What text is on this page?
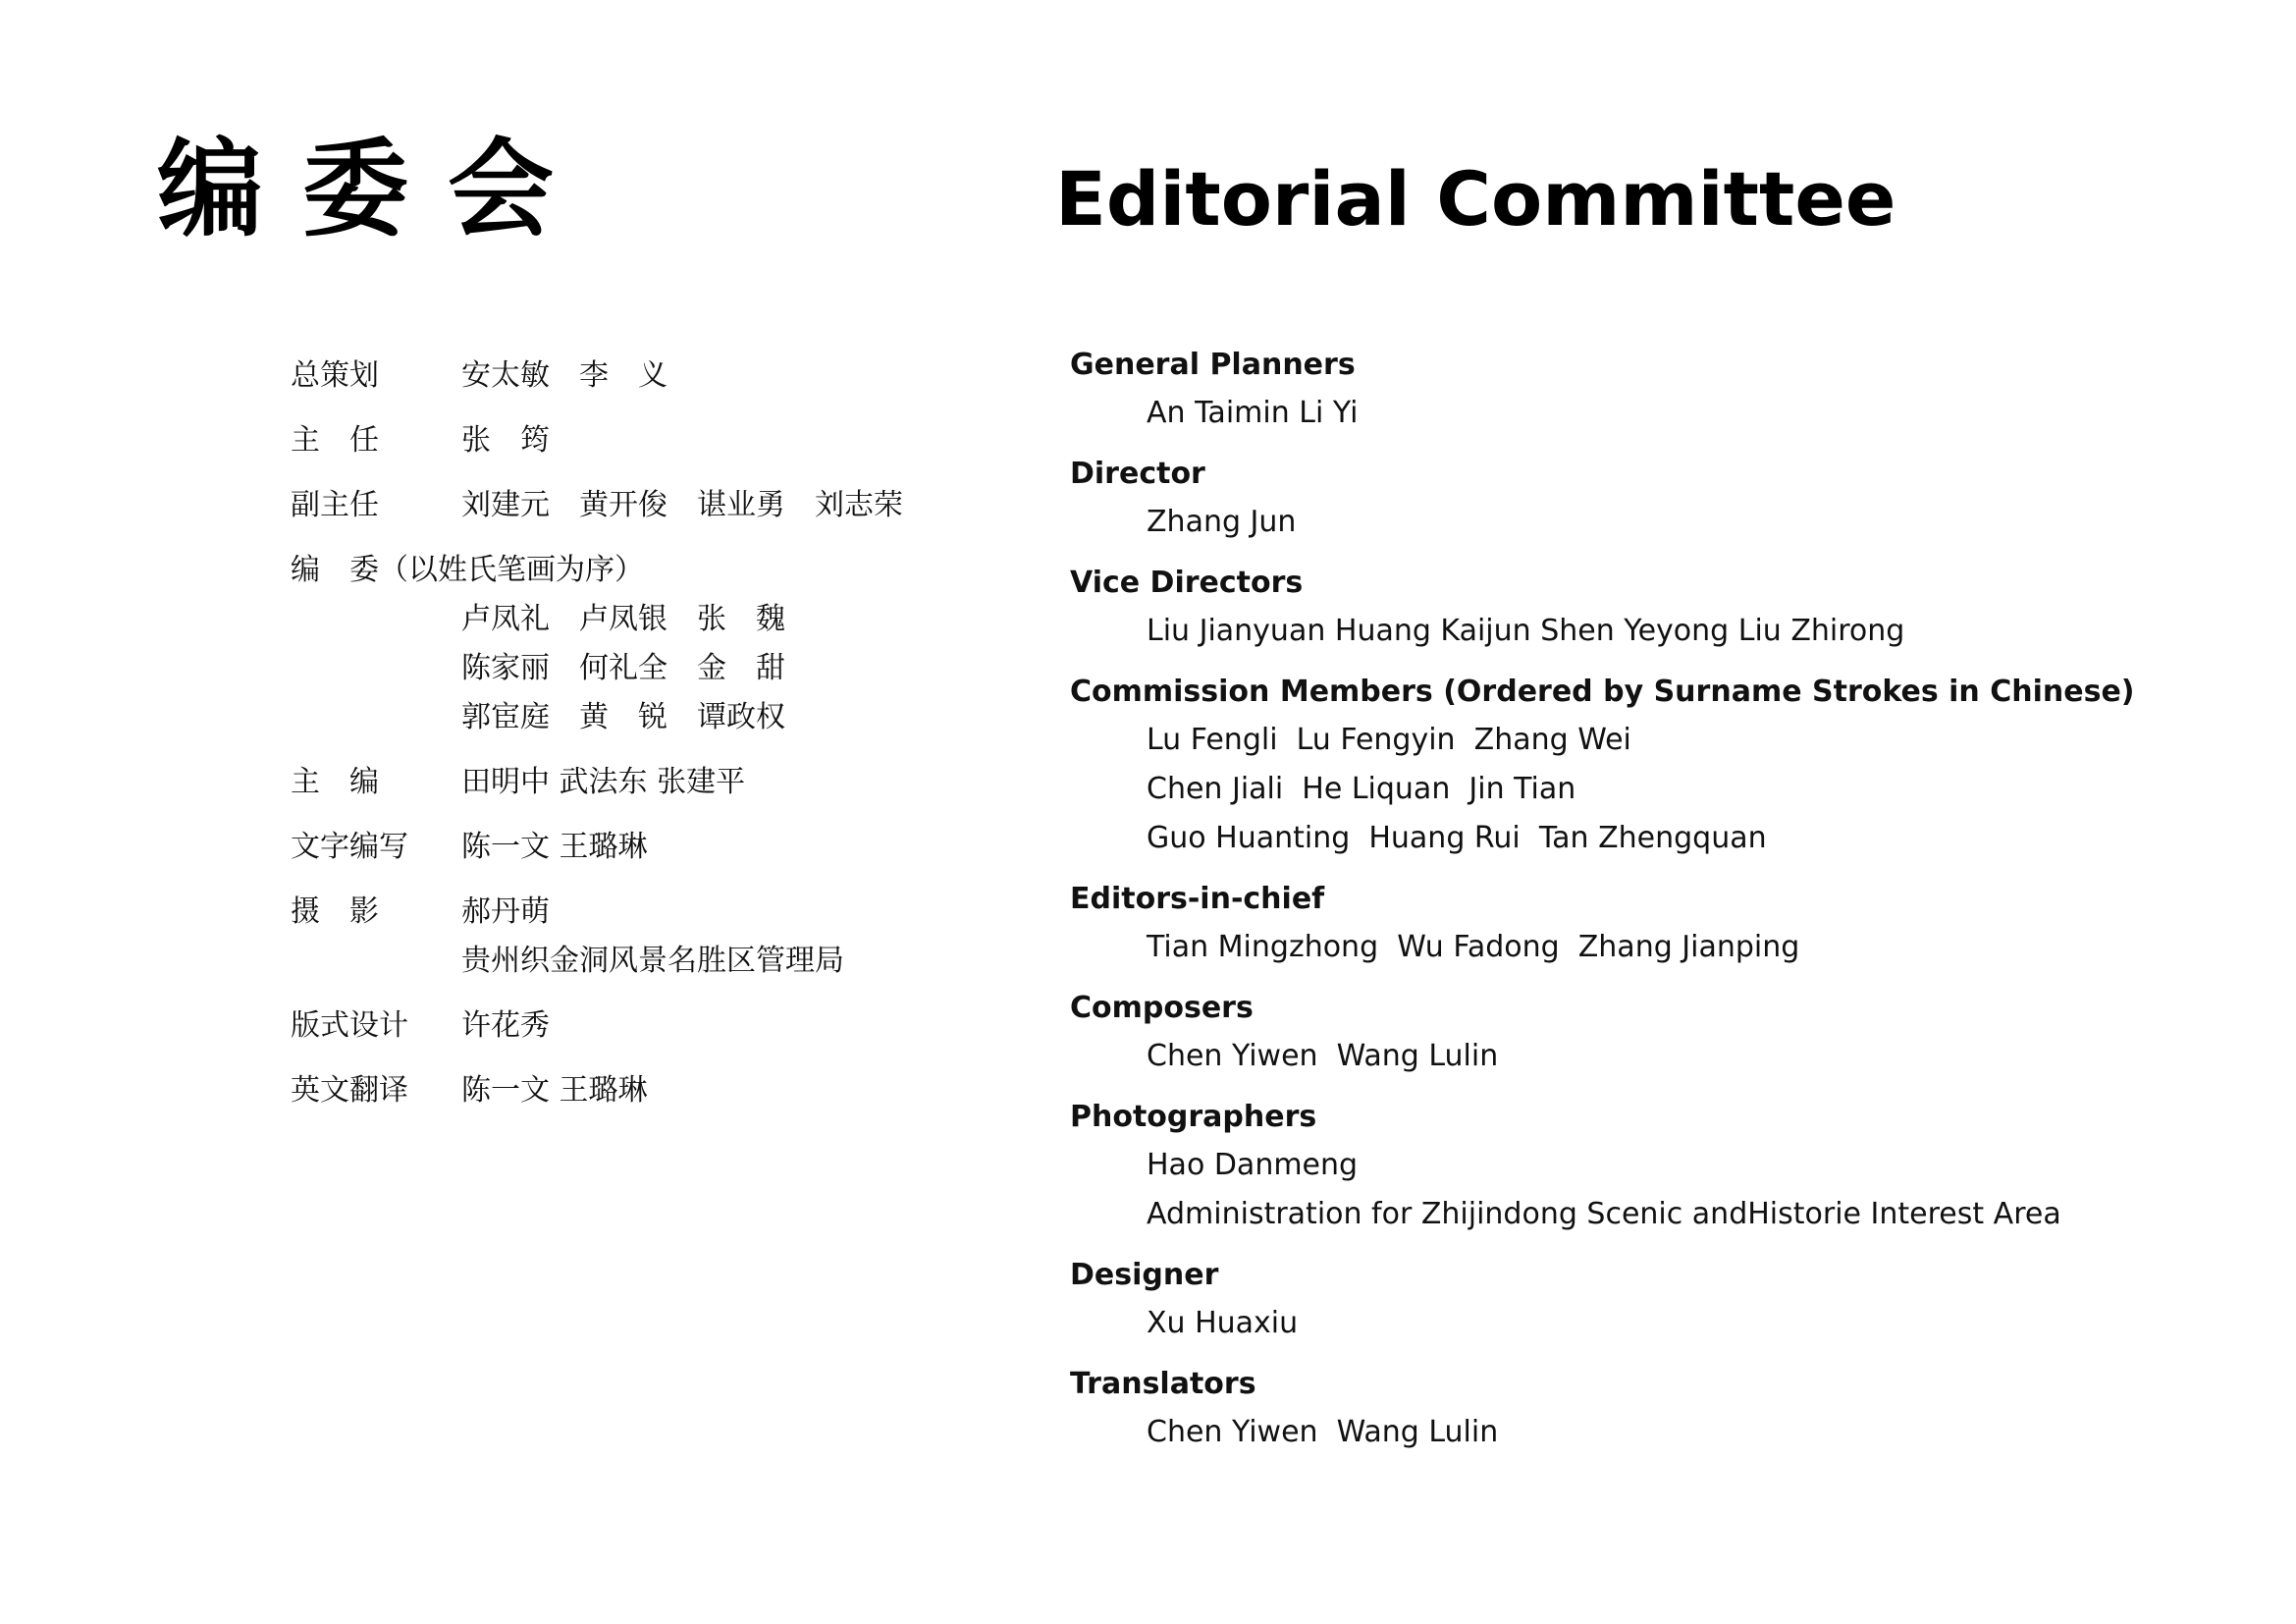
编委会	Editorial Committee
总策划	安太敏　李　义
主　任	张　筠
副主任	刘建元　黄开俊　谌业勇　刘志荣
编　委（以姓氏笔画为序）
卢凤礼　卢凤银　张　魏
陈家丽　何礼全　金　甜
郭宦庭　黄　锐　谭政权
主　编	田明中 武法东 张建平
文字编写	陈一文 王璐琳
摄　影	郝丹萌
贵州织金洞风景名胜区管理局
版式设计	许花秀
英文翻译	陈一文 王璐琳
General Planners
An Taimin Li Yi
Director
Zhang Jun
Vice Directors
Liu Jianyuan Huang Kaijun Shen Yeyong Liu Zhirong
Commission Members (Ordered by Surname Strokes in Chinese)
Lu Fengli  Lu Fengyin  Zhang Wei
Chen Jiali  He Liquan  Jin Tian
Guo Huanting  Huang Rui  Tan Zhengquan
Editors-in-chief
Tian Mingzhong  Wu Fadong  Zhang Jianping
Composers
Chen Yiwen  Wang Lulin
Photographers
Hao Danmeng
Administration for Zhijindong Scenic andHistorie Interest Area
Designer
Xu Huaxiu
Translators
Chen Yiwen  Wang Lulin
